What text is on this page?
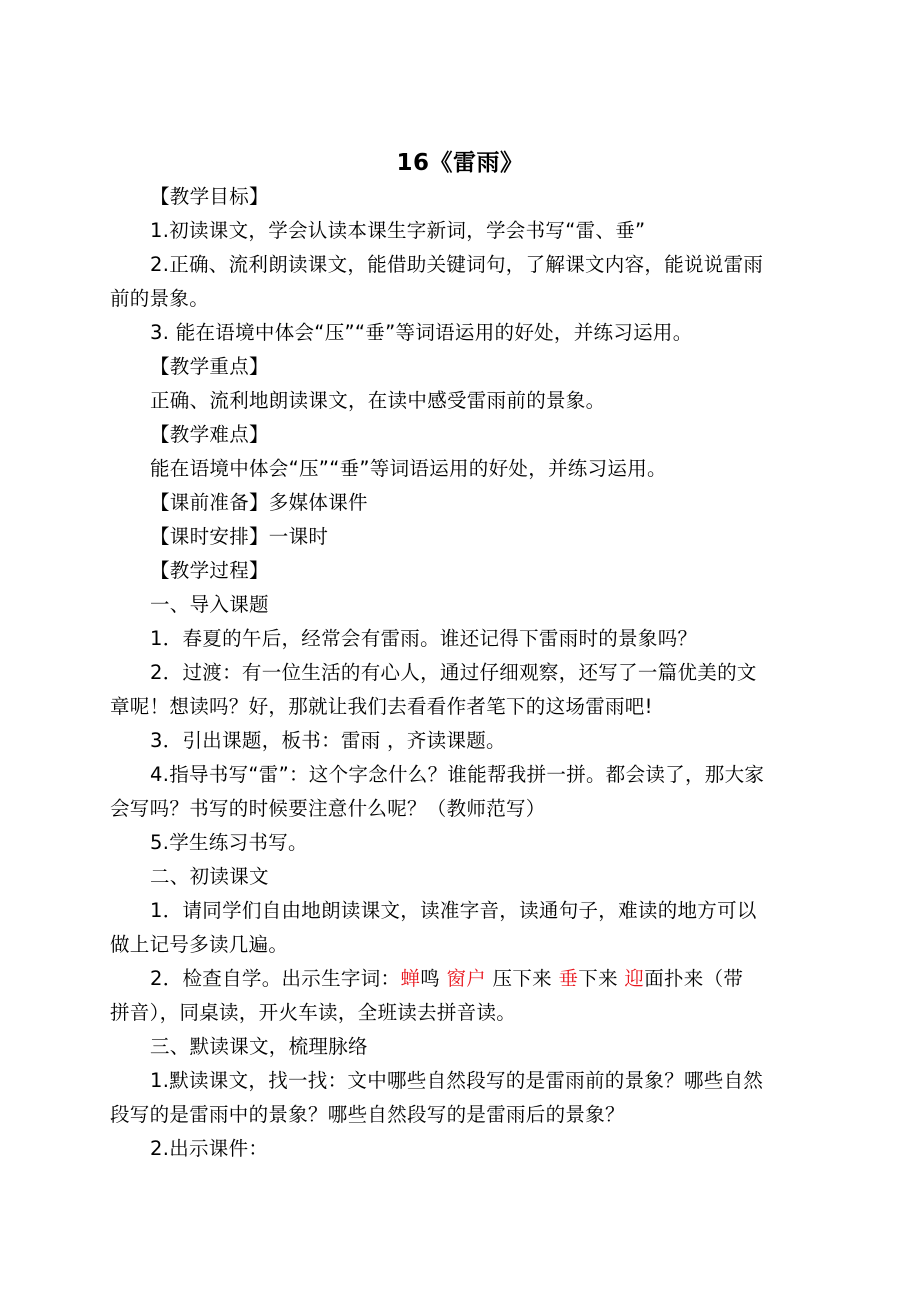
16《雷雨》
【教学目标】
1.初读课文，学会认读本课生字新词，学会书写“雷、垂”
2.正确、流利朗读课文，能借助关键词句，了解课文内容，能说说雷雨
前的景象。
3. 能在语境中体会“压”“垂”等词语运用的好处，并练习运用。
【教学重点】
正确、流利地朗读课文，在读中感受雷雨前的景象。
【教学难点】
能在语境中体会“压”“垂”等词语运用的好处，并练习运用。
【课前准备】多媒体课件
【课时安排】一课时
【教学过程】
一、导入课题
1．春夏的午后，经常会有雷雨。谁还记得下雷雨时的景象吗？
2．过渡：有一位生活的有心人，通过仔细观察，还写了一篇优美的文
章呢！想读吗？好，那就让我们去看看作者笔下的这场雷雨吧!
3．引出课题，板书：雷雨 ，齐读课题。
4.指导书写“雷”：这个字念什么？谁能帮我拼一拼。都会读了，那大家
会写吗？书写的时候要注意什么呢？（教师范写）
5.学生练习书写。
二、初读课文
1．请同学们自由地朗读课文，读准字音，读通句子，难读的地方可以
做上记号多读几遍。
2．检查自学。出示生字词：蝉鸣 窗户 压下来 垂下来 迎面扑来（带
拼音），同桌读，开火车读，全班读去拼音读。
三、默读课文，梳理脉络
1.默读课文，找一找：文中哪些自然段写的是雷雨前的景象？哪些自然
段写的是雷雨中的景象？哪些自然段写的是雷雨后的景象？
2.出示课件：
